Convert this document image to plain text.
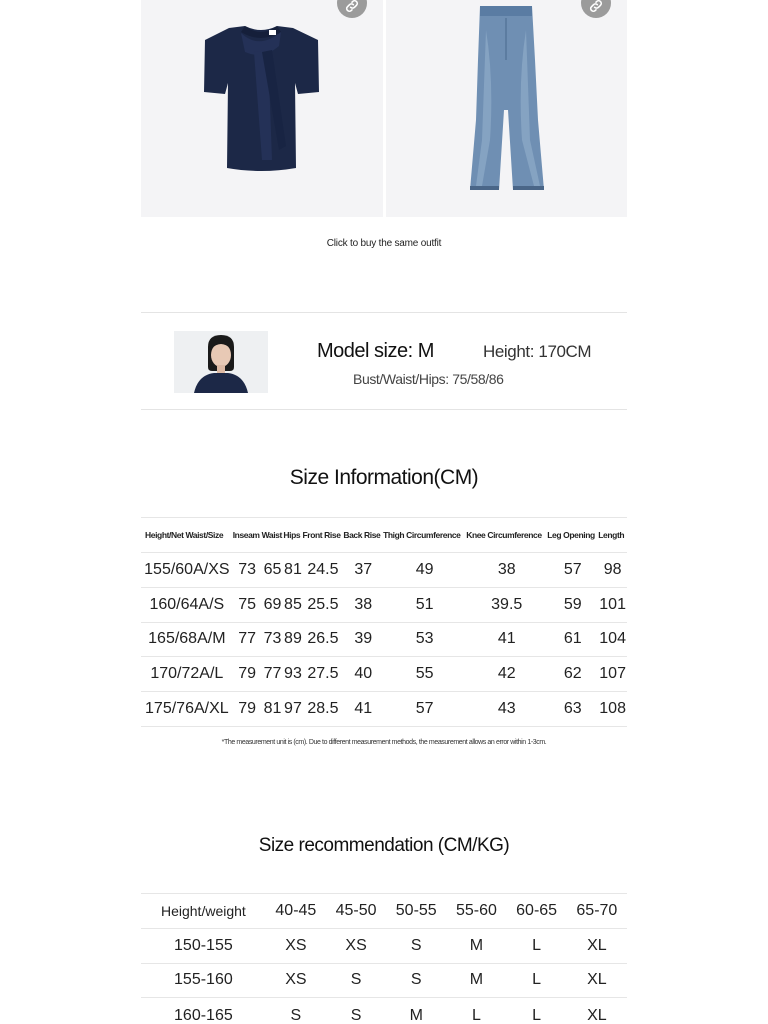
Click to buy the same outfit
Model size: M	Height: 170CM
Bust/Waist/Hips: 75/58/86
Size Information(CM)
Height/Net Waist/Size	Inseam	Waist	Hips	Front Rise	Back Rise	Thigh Circumference	Knee Circumference	Leg Opening	Length
155/60A/XS	73	65	81	24.5	37	49	38	57	98
160/64A/S	75	69	85	25.5	38	51	39.5	59	101
165/68A/M	77	73	89	26.5	39	53	41	61	104
170/72A/L	79	77	93	27.5	40	55	42	62	107
175/76A/XL	79	81	97	28.5	41	57	43	63	108
*The measurement unit is (cm). Due to different measurement methods, the measurement allows an error within 1-3cm.
Size recommendation (CM/KG)
Height/weight	40-45	45-50	50-55	55-60	60-65	65-70
150-155	XS	XS	S	M	L	XL
155-160	XS	S	S	M	L	XL
160-165	S	S	M	L	L	XL
